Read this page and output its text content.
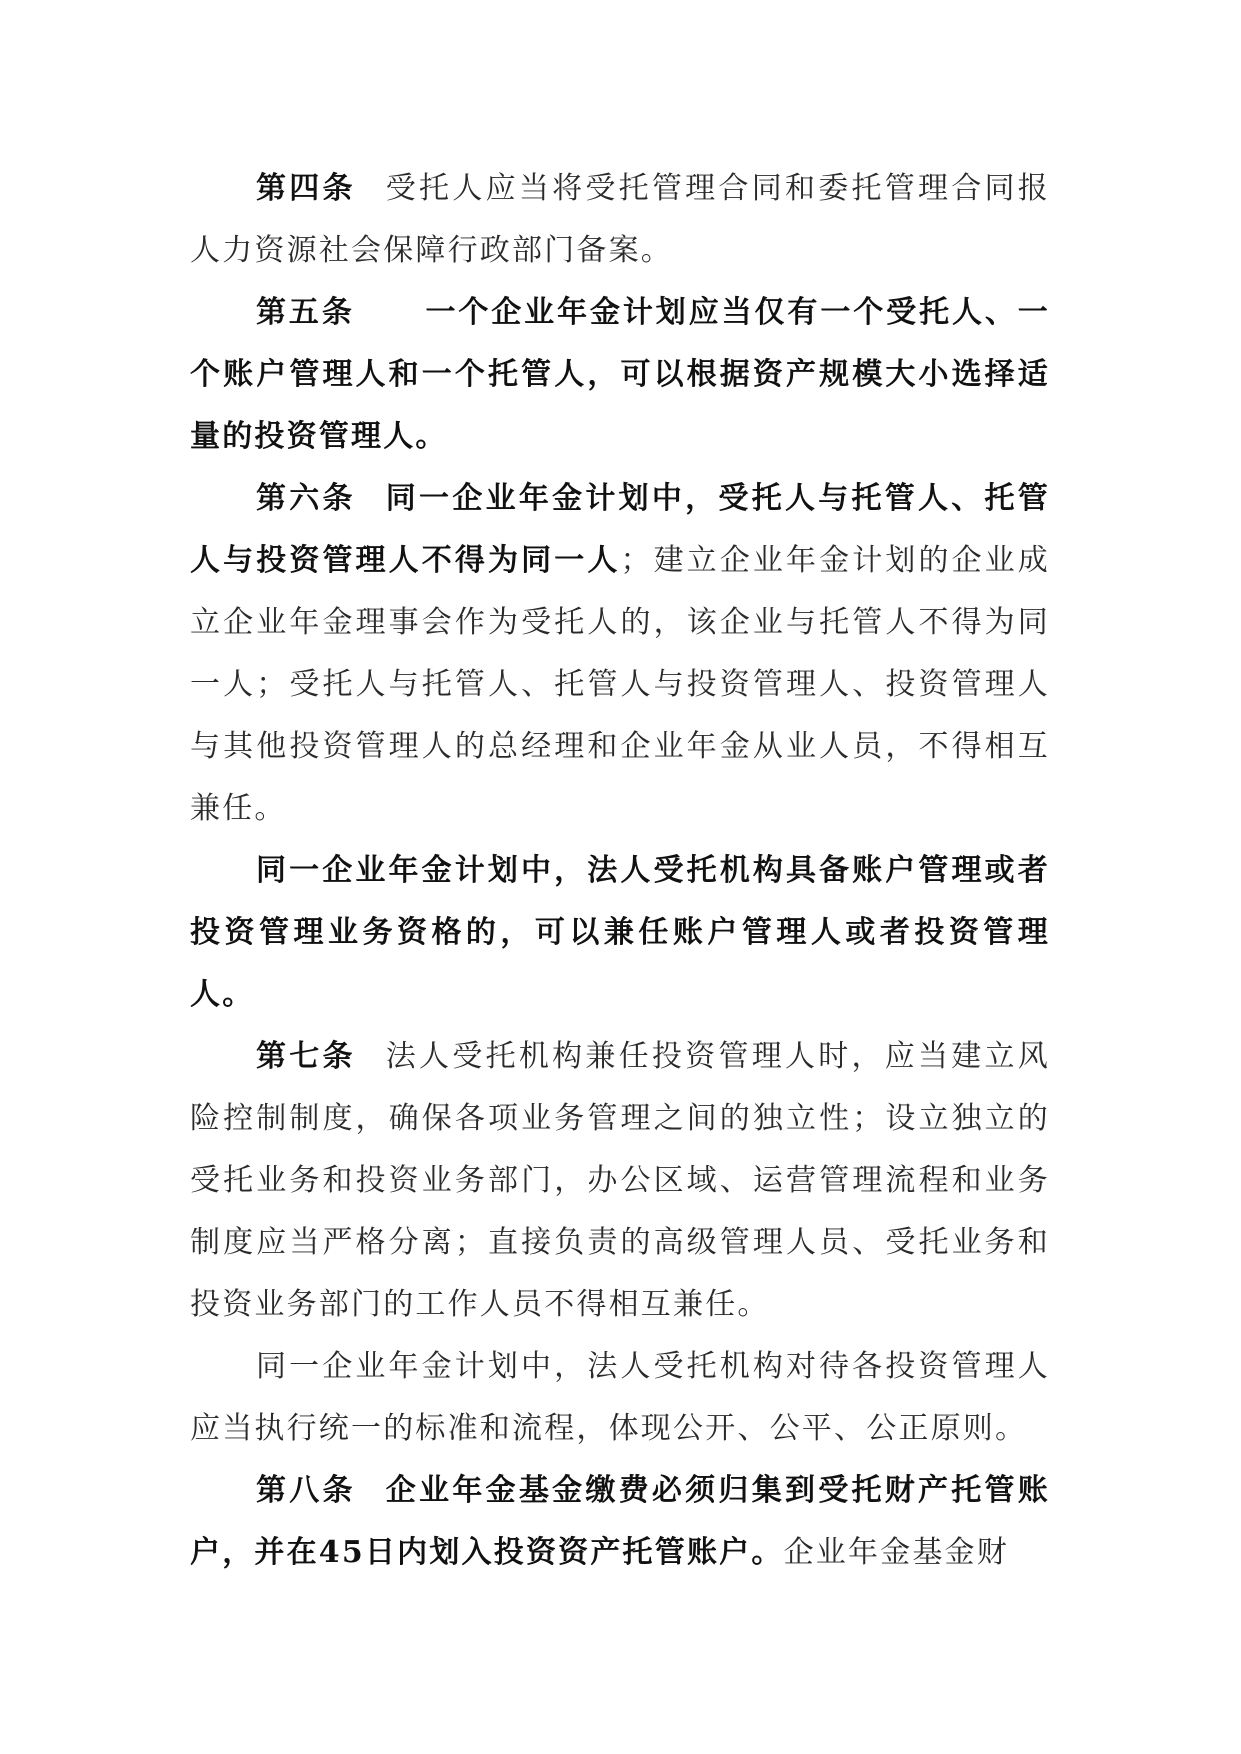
第四条 受托人应当将受托管理合同和委托管理合同报人力资源社会保障行政部门备案。

第五条 一个企业年金计划应当仅有一个受托人、一个账户管理人和一个托管人，可以根据资产规模大小选择适量的投资管理人。

第六条 同一企业年金计划中，受托人与托管人、托管人与投资管理人不得为同一人；建立企业年金计划的企业成立企业年金理事会作为受托人的，该企业与托管人不得为同一人；受托人与托管人、托管人与投资管理人、投资管理人与其他投资管理人的总经理和企业年金从业人员，不得相互兼任。

同一企业年金计划中，法人受托机构具备账户管理或者投资管理业务资格的，可以兼任账户管理人或者投资管理人。

第七条 法人受托机构兼任投资管理人时，应当建立风险控制制度，确保各项业务管理之间的独立性；设立独立的受托业务和投资业务部门，办公区域、运营管理流程和业务制度应当严格分离；直接负责的高级管理人员、受托业务和投资业务部门的工作人员不得相互兼任。

同一企业年金计划中，法人受托机构对待各投资管理人应当执行统一的标准和流程，体现公开、公平、公正原则。

第八条 企业年金基金缴费必须归集到受托财产托管账户，并在45日内划入投资资产托管账户。企业年金基金财
